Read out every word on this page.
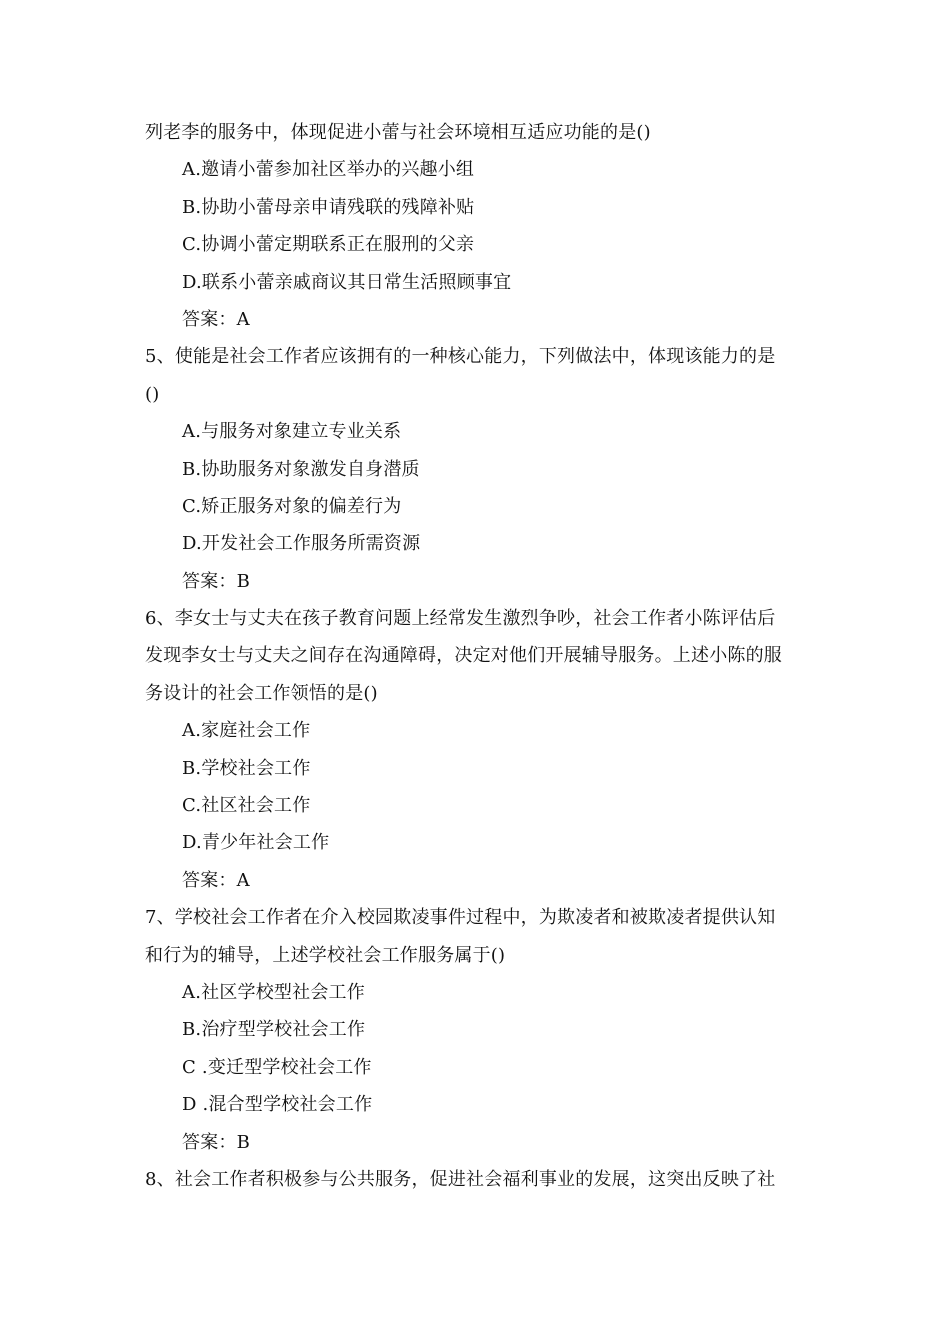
列老李的服务中，体现促进小蕾与社会环境相互适应功能的是()
A.邀请小蕾参加社区举办的兴趣小组
B.协助小蕾母亲申请残联的残障补贴
C.协调小蕾定期联系正在服刑的父亲
D.联系小蕾亲戚商议其日常生活照顾事宜
答案：A
5、使能是社会工作者应该拥有的一种核心能力，下列做法中，体现该能力的是
()
A.与服务对象建立专业关系
B.协助服务对象激发自身潜质
C.矫正服务对象的偏差行为
D.开发社会工作服务所需资源
答案：B
6、李女士与丈夫在孩子教育问题上经常发生激烈争吵，社会工作者小陈评估后
发现李女士与丈夫之间存在沟通障碍，决定对他们开展辅导服务。上述小陈的服
务设计的社会工作领悟的是()
A.家庭社会工作
B.学校社会工作
C.社区社会工作
D.青少年社会工作
答案：A
7、学校社会工作者在介入校园欺凌事件过程中，为欺凌者和被欺凌者提供认知
和行为的辅导，上述学校社会工作服务属于()
A.社区学校型社会工作
B.治疗型学校社会工作
C .变迁型学校社会工作
D .混合型学校社会工作
答案：B
8、社会工作者积极参与公共服务，促进社会福利事业的发展，这突出反映了社
